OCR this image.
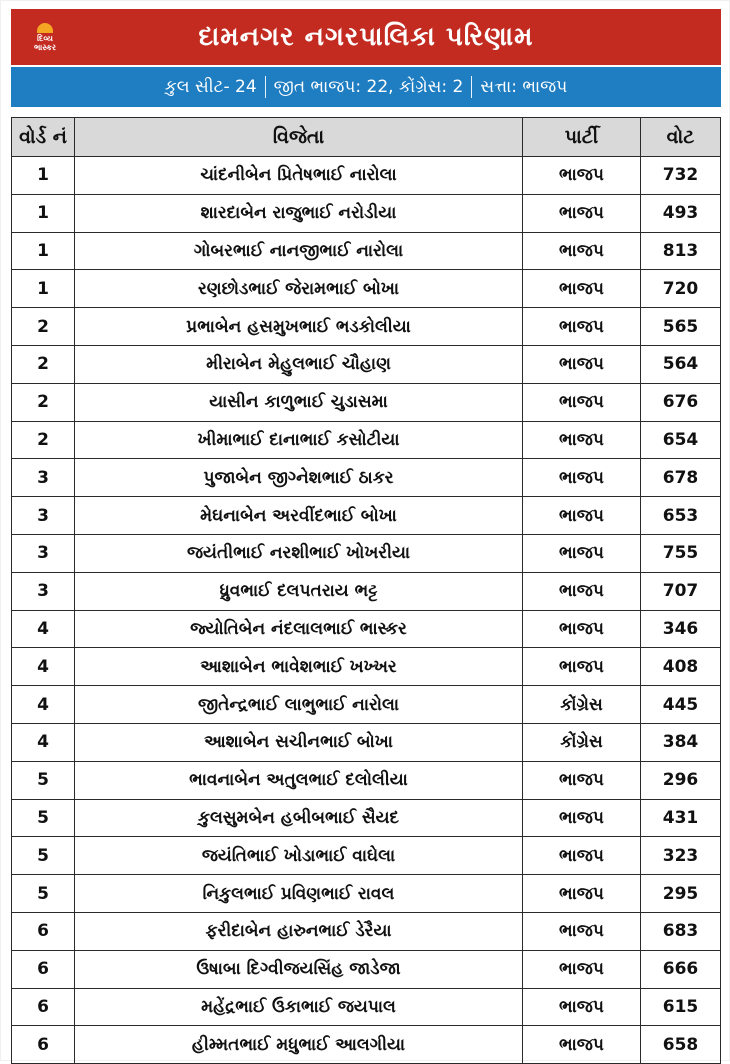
દિવ્ય
ભાસ્કર	દામનગર નગરપાલિકા પરિણામ
કુલ સીટ- 24 જીત ભાજપ: 22, કોંગ્રેસ: 2 સત્તા: ભાજપ
વોર્ડ નં	વિજેતા	પાર્ટી	વોટ
1	ચાંદનીબેન પ્રિતેષભાઈ નારોલા	ભાજપ	732
1	શારદાબેન રાજુભાઈ નરોડીયા	ભાજપ	493
1	ગોબરભાઈ નાનજીભાઈ નારોલા	ભાજપ	813
1	રણછોડભાઈ જેરામભાઈ બોખા	ભાજપ	720
2	પ્રભાબેન હસમુખભાઈ ભડકોલીયા	ભાજપ	565
2	મીરાબેન મેહુલભાઈ ચૌહાણ	ભાજપ	564
2	યાસીન કાળુભાઈ ચુડાસમા	ભાજપ	676
2	ખીમાભાઈ દાનાભાઈ કસોટીયા	ભાજપ	654
3	પુજાબેન જીગ્નેશભાઈ ઠાકર	ભાજપ	678
3	મેઘનાબેન અરવીંદભાઈ બોખા	ભાજપ	653
3	જયંતીભાઈ નરશીભાઈ ખોખરીયા	ભાજપ	755
3	ધ્રુવભાઈ દલપતરાય ભટ્ટ	ભાજપ	707
4	જ્યોતિબેન નંદલાલભાઈ ભાસ્કર	ભાજપ	346
4	આશાબેન ભાવેશભાઈ ખખ્ખર	ભાજપ	408
4	જીતેન્દ્રભાઈ લાભુભાઈ નારોલા	કોંગ્રેસ	445
4	આશાબેન સચીનભાઈ બોખા	કોંગ્રેસ	384
5	ભાવનાબેન અતુલભાઈ દલોલીયા	ભાજપ	296
5	કુલસુમબેન હબીબભાઈ સૈયદ	ભાજપ	431
5	જયંતિભાઈ ખોડાભાઈ વાઘેલા	ભાજપ	323
5	નિકુલભાઈ પ્રવિણભાઈ રાવલ	ભાજપ	295
6	ફરીદાબેન હારુનભાઈ ડેરૈયા	ભાજપ	683
6	ઉષાબા દિગ્વીજયસિંહ જાડેજા	ભાજપ	666
6	મહેંદ્રભાઈ ઉકાભાઈ જયપાલ	ભાજપ	615
6	હીમ્મતભાઈ મધુભાઈ આલગીયા	ભાજપ	658
